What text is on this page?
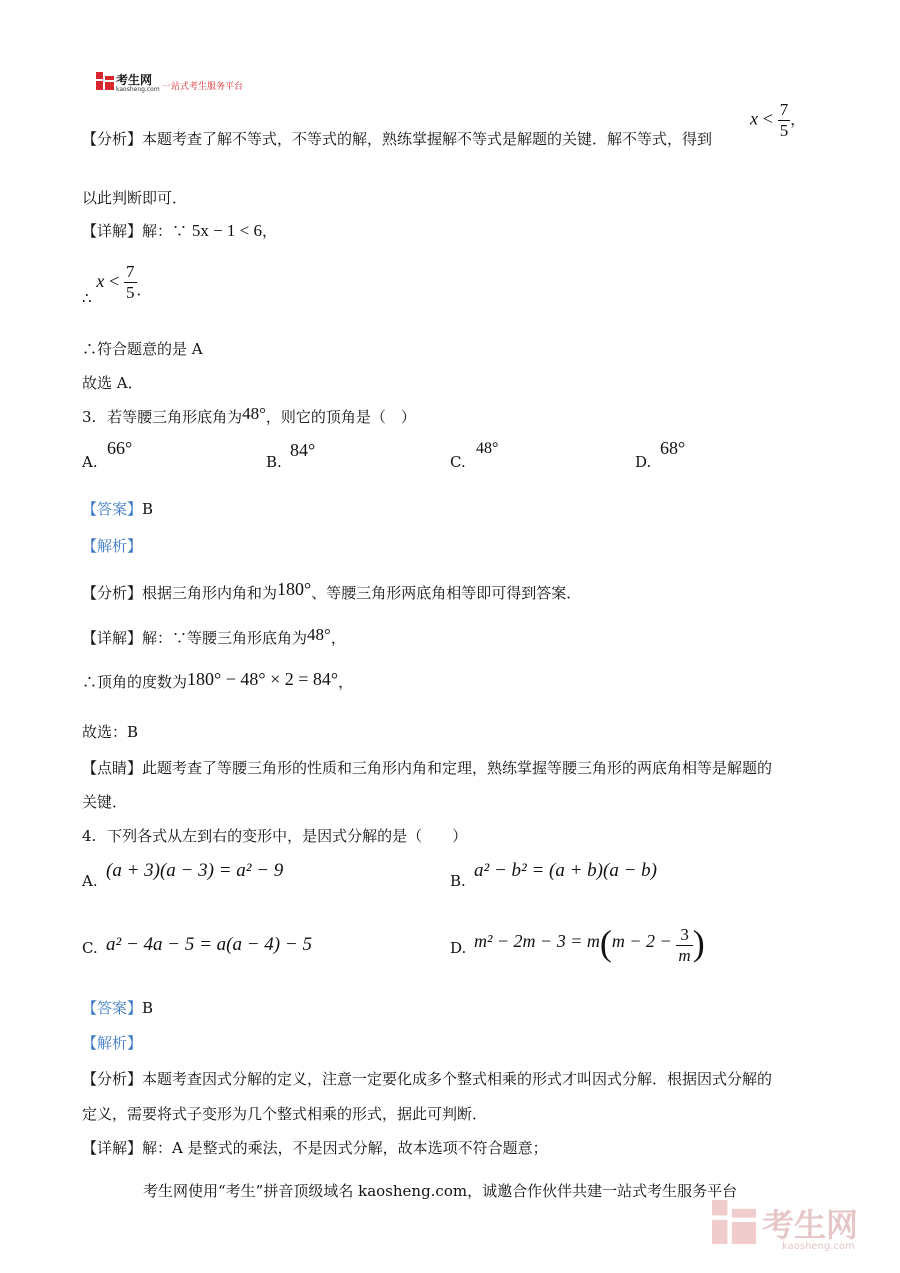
考生网
kaosheng.com 一站式考生服务平台
【分析】本题考查了解不等式，不等式的解，熟练掌握解不等式是解题的关键．解不等式，得到
$x < \frac{7}{5}$ ，
以此判断即可．
【详解】解：∵ 5x − 1 < 6，
∴ $x < \frac{7}{5}$ ．
∴符合题意的是 A
故选 A．
3. 若等腰三角形底角为48°，则它的顶角是（　）
A.
66°
B.
84°
C.
48°
D.
68°
【答案】B
【解析】
【分析】根据三角形内角和为180°、等腰三角形两底角相等即可得到答案．
【详解】解：∵等腰三角形底角为48°，
∴顶角的度数为180° − 48° × 2 = 84°，
故选：B
【点睛】此题考查了等腰三角形的性质和三角形内角和定理，熟练掌握等腰三角形的两底角相等是解题的
关键．
4. 下列各式从左到右的变形中，是因式分解的是（　　）
A. (a + 3)(a − 3) = a² − 9	B. a² − b² = (a + b)(a − b)
C. a² − 4a − 5 = a(a − 4) − 5	D. $m^2 - 2m - 3 = m(m - 2 - \frac{3}{m}$ )
【答案】B
【解析】
【分析】本题考查因式分解的定义，注意一定要化成多个整式相乘的形式才叫因式分解．根据因式分解的
定义，需要将式子变形为几个整式相乘的形式，据此可判断．
【详解】解：A 是整式的乘法，不是因式分解，故本选项不符合题意；
考生网使用“考生”拼音顶级域名 kaosheng.com，诚邀合作伙伴共建一站式考生服务平台
考生网
kaosheng.com
